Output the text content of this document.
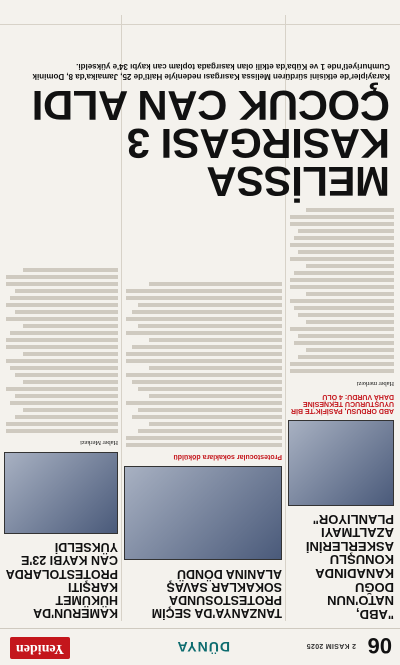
06
2 KASIM 2025
DÜNYA
Yeniden
"ABD, NATO'NUN DOĞU KANADINDA KONUŞLU ASKERLERİNİ AZALTMAYI PLANLIYOR"
ABD ORDUSU, PASİFİK'TE BİR UYUŞTURUCU TEKNESİNE DAHA VURDU: 4 ÖLÜ
Haber merkezi
TANZANYA'DA SEÇİM PROTESTOSUNDA SOKAKLAR SAVAŞ ALANINA DÖNDÜ
Protestocular sokaklara döküldü
KAMERUN'DA HÜKÜMET KARŞITI PROTESTOLARDA CAN KAYBI 23'E YÜKSELDİ
Haber Merkezi
MELİSSA KASIRGASI 3 ÇOCUK CAN ALDI
Karayipler'de etkisini sürdüren Melissa Kasırgası nedeniyle Haiti'de 25, Jamaika'da 8, Dominik Cumhuriyeti'nde 1 ve Küba'da etkili olan kasırgada toplam can kaybı 34'e yükseldi.
